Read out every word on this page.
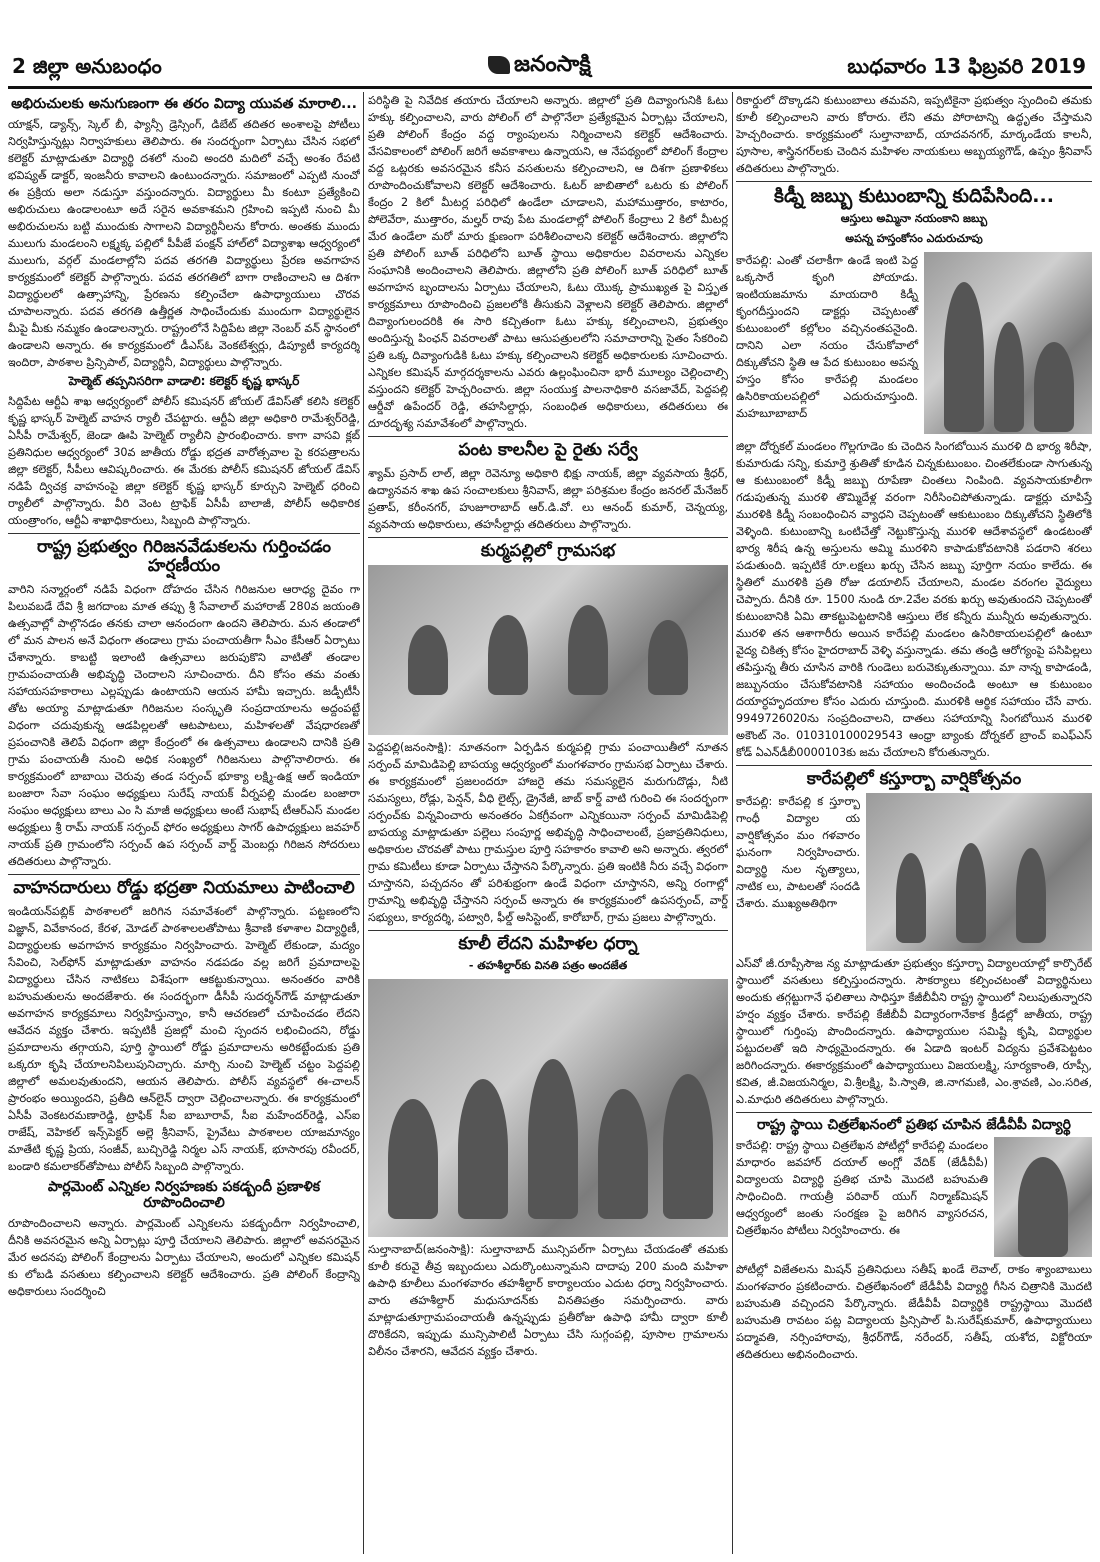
2 జిల్లా అనుబంధం	జనంసాక్షి	బుధవారం 13 ఫిబ్రవరి 2019
అభిరుచులకు అనుగుణంగా ఈ తరం విద్యా యువత మారాలి...

యాక్షన్, డ్యాన్స్, స్కెల్ బీ, ఫ్యాన్సీ డ్రెస్సింగ్, డిబేట్ తదితర అంశాలపై పోటీలు నిర్వహిస్తున్నట్లు నిర్వాహకులు తెలిపారు. ఈ సందర్భంగా ఏర్పాటు చేసిన సభలో కలెక్టర్ మాట్లాడుతూ విద్యార్థి దశలో నుంచి అందరి మదిలో వచ్చే అంశం రేపటి భవిష్యత్ డాక్టర్, ఇంజనీరు కావాలని ఉంటుందన్నారు. సమాజంలో ఎప్పటి నుంచో ఈ ప్రక్రియ అలా నడుస్తూ వస్తుందన్నారు. విద్యార్థులు మీ కంటూ ప్రత్యేకించి అభిరుచులు ఉండాలంటూ అదే సరైన అవకాశమని గ్రహించి ఇప్పటి నుంచి మీ అభిరుచులను బట్టి ముందుకు సాగాలని విద్యార్థినీలను కోరారు. అంతకు ముందు ములుగు మండలంని లక్ష్మక్క పల్లిలో పీపీజే పంక్షన్ హాల్‌లో విద్యాశాఖ ఆధ్వర్యంలో ములుగు, వర్గల్ మండలాల్లోని పదవ తరగతి విద్యార్థులు ప్రేరణ అవగాహన కార్యక్రమంలో కలెక్టర్ పాల్గొన్నారు. పదవ తరగతిలో బాగా రాణించాలని ఆ దిశగా విద్యార్థులలో ఉత్సాహాన్ని, ప్రేరణను కల్పించేలా ఉపాధ్యాయులు చొరవ చూపాలన్నారు. పదవ తరగతి ఉత్తీర్ణత సాధించేందుకు ముందుగా విద్యార్థులైన మీపై మీకు నమ్మకం ఉండాలన్నారు. రాష్ట్రంలోనే సిద్దిపేట జిల్లా నెంబర్ వన్ స్థానంలో ఉండాలని అన్నారు. ఈ కార్యక్రమంలో డీఎస్ఓ వెంకటేశ్వర్లు, డిప్యూటీ కార్యదర్శి ఇందిరా, పాఠశాల ప్రిన్సిపాల్, విద్యార్థినీ, విద్యార్థులు పాల్గొన్నారు.

హెల్మెట్ తప్పనిసరిగా వాడాలి: కలెక్టర్ కృష్ణ భాస్కర్

సిద్దిపేట ఆర్టీఏ శాఖ ఆధ్వర్యంలో పోలీస్ కమిషనర్ జోయల్ డేవిస్‌తో కలిసి కలెక్టర్ కృష్ణ భాస్కర్ హెల్మెట్ వాహన ర్యాలీ చేపట్టారు. ఆర్టీఏ జిల్లా అధికారి రామేశ్వర్‌రెడ్డి, ఏసీపీ రామేశ్వర్, జెండా ఊపి హెల్మెట్ ర్యాలీని ప్రారంభించారు. కాగా వాసవి క్లబ్ ప్రతినిధుల ఆధ్వర్యంలో 30వ జాతీయ రోడ్డు భద్రత వారోత్సవాల పై కరపత్రాలను జిల్లా కలెక్టర్, సీపీలు ఆవిష్కరించారు. ఈ మేరకు పోలీస్ కమిషనర్ జోయల్ డేవిస్ నడిపే ద్విచక్ర వాహనంపై జిల్లా కలెక్టర్ కృష్ణ భాస్కర్ కూర్చుని హెల్మెట్ ధరించి ర్యాలీలో పాల్గొన్నారు. వీరి వెంట ట్రాఫిక్ ఏసీపీ బాలాజీ, పోలీస్ అధికారిక యంత్రాంగం, ఆర్టీఏ శాఖాధికారులు, సిబ్బంది పాల్గొన్నారు.

రాష్ట్ర ప్రభుత్వం గిరిజనవేడుకలను గుర్తించడం హర్షణీయం

వారిని సన్మార్గంలో నడిపే విధంగా దోహదం చేసిన గిరిజనుల ఆరాధ్య దైవం గా పిలువబడే దేవి శ్రీ జగదాంబ మాత తప్పు శ్రీ సేవాలాల్ మహారాజ్ 280వ జయంతి ఉత్సవాల్లో పాల్గొనడం తనకు చాలా ఆనందంగా ఉందని తెలిపారు. మన తండాలో లో మన పాలన అనే విధంగా తండాలు గ్రామ పంచాయతీగా సీఎం కేసీఆర్ ఏర్పాటు చేశాన్నారు. కాబట్టి ఇలాంటి ఉత్సవాలు జరుపుకొని వాటితో తండాల గ్రామపంచాయతీ అభివృద్ధి చెందాలని సూచించారు. దీని కోసం తమ వంతు సహాయసహకారాలు ఎల్లప్పుడు ఉంటాయని ఆయన హామీ ఇచ్చారు. జడ్పీటీసీ తోట అయ్యా మాట్లాడుతూ గిరిజనుల సంస్కృతి సంప్రదాయాలను అద్దంపట్టే విధంగా చదువుకున్న ఆడపిల్లలతో ఆటపాటలు, మహిళలతో వేషధారణతో ప్రపంచానికి తెలిపే విధంగా జిల్లా కేంద్రంలో ఈ ఉత్సవాలు ఉండాలని దానికి ప్రతి గ్రామ పంచాయతీ నుంచి అధిక సంఖ్యలో గిరిజనులు పాల్గొనాలిరారు. ఈ కార్యక్రమంలో బాబాయి చెరువు తండ సర్పంచ్ భూక్యా లక్ష్మి-ఉక్ష ఆల్ ఇండియా బంజారా సేవా సంఘం అధ్యక్షులు సురేష్ నాయక్ వీర్నపల్లి మండల బంజారా సంఘం అధ్యక్షులు బాలు ఎం సి మాజీ అధ్యక్షులు అంటే సుభాష్ టీఆర్ఎస్ మండల అధ్యక్షులు శ్రీ రామ్ నాయక్ సర్పంచ్ ఫోరం అధ్యక్షులు సాగర్ ఉపాధ్యక్షులు జవహర్ నాయక్ ప్రతి గ్రామంలోని సర్పంచ్ ఉప సర్పంచ్ వార్డ్ మెంబర్లు గిరిజన సోదరులు తదితరులు పాల్గొన్నారు.

వాహనదారులు రోడ్డు భద్రతా నియమాలు పాటించాలి

ఇండియన్‌పబ్లిక్ పాఠశాలలో జరిగిన సమావేశంలో పాల్గొన్నారు. పట్టణంలోని విజ్ఞాన్, వివేకానంద, కేరళ, మోడల్ పాఠశాలలతోపాటు శ్రీవాణి కళాశాల విద్యార్థిణీ, విద్యార్థులకు అవగాహన కార్యక్రమం నిర్వహించారు. హెల్మెట్ లేకుండా, మద్యం సేవించి, సెల్‌ఫోన్ మాట్లాడుతూ వాహనం నడపడం వల్ల జరిగే ప్రమాదాలపై విద్యార్థులు చేసిన నాటికలు విశేషంగా ఆకట్టుకున్నాయి. అనంతరం వారికి బహుమతులను అందజేశారు. ఈ సందర్భంగా డీసీపీ సుదర్శన్‌గౌడ్ మాట్లాడుతూ అవగాహన కార్యక్రమాలు నిర్వహిస్తున్నాం, కానీ ఆచరణలో చూపించడం లేదని ఆవేదన వ్యక్తం చేశారు. ఇప్పటికీ ప్రజల్లో మంచి స్పందన లభించిందని, రోడ్డు ప్రమాదాలను తగ్గాయని, పూర్తి స్థాయిలో రోడ్డు ప్రమాదాలను అరికట్టేందుకు ప్రతి ఒక్కరూ కృషి చేయాలనిపిలుపునిచ్చారు. మార్చి నుంచి హెల్మెట్ చట్టం పెద్దపల్లి జిల్లాలో అమలవుతుందని, ఆయన తెలిపారు. పోలీస్ వ్యవస్థలో ఈ-చాలన్ ప్రారంభం అయ్యిందని, ప్రతీది ఆన్‌లైన్ ద్వారా చెల్లించాలన్నారు. ఈ కార్యక్రమంలో ఏసీపీ వెంకటరమణారెడ్డి, ట్రాఫిక్ సీఐ బాబూరావ్, సీఐ మహేందర్‌రెడ్డి, ఎస్ఐ రాజేష్, వెహికల్ ఇన్స్‌పెక్టర్ అల్లె శ్రీనివాస్, ప్రైవేటు పాఠశాలల యాజమాన్యం మాతేటి కృష్ణ ప్రియ, సంజీవ్, బుచ్చిరెడ్డి నిర్మల ఎస్ నాయక్, భూసారపు రవీందర్, బండారి కమలాకర్‌తోపాటు పోలీస్ సిబ్బంది పాల్గొన్నారు.

పార్లమెంట్ ఎన్నికల నిర్వహణకు పకడ్బందీ ప్రణాళిక రూపొందించాలి

రూపొందించాలని అన్నారు. పార్లమెంట్ ఎన్నికలను పకడ్బందీగా నిర్వహించాలి, దీనికి అవసరమైన అన్ని ఏర్పాట్లు పూర్తి చేయాలని తెలిపారు. జిల్లాలో అవసరమైన మేర అదనపు పోలింగ్ కేంద్రాలను ఏర్పాటు చేయాలని, అందులో ఎన్నికల కమిషన్ కు లోబడి వసతులు కల్పించాలని కలెక్టర్ ఆదేశించారు. ప్రతి పోలింగ్ కేంద్రాన్ని అధికారులు సందర్శించి

పరిస్థితి పై నివేదిక తయారు చేయాలని అన్నారు. జిల్లాలో ప్రతి దివ్యాంగునికి ఓటు హక్కు కల్పించాలని, వారు పోలింగ్ లో పాల్గొనేలా ప్రత్యేకమైన ఏర్పాట్లు చేయాలని, ప్రతి పోలింగ్ కేంద్రం వద్ద ర్యాంపులను నిర్మించాలని కలెక్టర్ ఆదేశించారు. వేసవికాలంలో పోలింగ్ జరిగే అవకాశాలు ఉన్నాయని, ఆ నేపథ్యంలో పోలింగ్ కేంద్రాల వద్ద ఒట్లరకు అవసరమైన కనీస వసతులను కల్పించాలని, ఆ దిశగా ప్రణాళికలు రూపొందించుకోవాలని కలెక్టర్ ఆదేశించారు. ఓటర్ జాబితాలో ఒటరు కు పోలింగ్ కేంద్రం 2 కిలో మీటర్ల పరిధిలో ఉండేలా చూడాలని, మహాముత్తారం, కాటారం, పోలెవేరా, ముత్తారం, మల్హర్ రావు పేట మండలాల్లో పోలింగ్ కేంద్రాలు 2 కిలో మీటర్ల మేర ఉండేలా మరో మారు క్షుణంగా పరిశీలించాలని కలెక్టర్ ఆదేశించారు. జిల్లాలోని ప్రతి పోలింగ్ బూత్ పరిధిలోని బూత్ స్థాయి అధికారుల వివరాలను ఎన్నికల సంఘానికి అందించాలని తెలిపారు. జిల్లాలోని ప్రతి పోలింగ్ బూత్ పరిధిలో బూత్ అవగాహన బృందాలను ఏర్పాటు చేయాలని, ఓటు యొక్క ప్రాముఖ్యత పై విస్తృత కార్యక్రమాలు రూపొందించి ప్రజలలోకి తీసుకుని వెళ్లాలని కలెక్టర్ తెలిపారు. జిల్లాలో దివ్యాంగులందరికి ఈ సారి కచ్చితంగా ఓటు హక్కు కల్పించాలని, ప్రభుత్వం అందిస్తున్న పింఛన్ వివరాలతో పాటు ఆసుపత్రులలోని సమాచారాన్ని సైతం సేకరించి ప్రతి ఒక్క దివ్యాంగుడికి ఓటు హక్కు కల్పించాలని కలెక్టర్ అధికారులకు సూచించారు. ఎన్నికల కమిషన్ మార్గదర్శకాలను ఎవరు ఉల్లంఘించినా భారీ మూల్యం చెల్లించాల్సి వస్తుందని కలెక్టర్ హెచ్చరించారు. జిల్లా సంయుక్త పాలనాధికారి వసజావేద్, పెద్దపల్లి ఆర్డీవో ఉపేందర్ రెడ్డి, తహసిల్దార్లు, సంబంధిత అధికారులు, తదితరులు ఈ దూరదృశ్య సమావేశంలో పాల్గొన్నారు.

పంట కాలనీల పై రైతు సర్వే

శ్యామ్ ప్రసాద్ లాల్, జిల్లా రెవెన్యూ అధికారి భిక్షు నాయక్, జిల్లా వ్యవసాయ శ్రీధర్, ఉద్యానవన శాఖ ఉప సంచాలకులు శ్రీనివాస్, జిల్లా పరిశ్రమల కేంద్రం జనరల్ మేనేజర్ ప్రతాప్, కరీంనగర్, హుజూరాబాద్ ఆర్.డి.వో. లు ఆనంద్ కుమార్, చెన్నయ్య, వ్యవసాయ అధికారులు, తహసీల్దార్లు తదితరులు పాల్గొన్నారు.

కుర్మపల్లిలో గ్రామసభ

పెద్దపల్లి(జనంసాక్షి): నూతనంగా ఏర్పడిన కుర్మపల్లి గ్రామ పంచాయితీలో నూతన సర్పంచ్ మామిడిపెల్లి బాపయ్య ఆధ్వర్యంలో మంగళవారం గ్రామసభ ఏర్పాటు చేశారు. ఈ కార్యక్రమంలో ప్రజలందరూ హాజరై తమ సమస్యలైన మరుగుదొడ్లు, నీటి సమస్యలు, రోడ్లు, పెన్షన్, వీధి లైట్స్, డ్రైనేజీ, జాబ్ కార్డ్ వాటి గురించి ఈ సందర్భంగా సర్పంచ్‌కు విన్నవించారు అనంతరం ఏకగ్రీవంగా ఎన్నికయినా సర్పంచ్ మామిడిపెల్లి బాపయ్య మాట్లాడుతూ పల్లెలు సంపూర్ణ అభివృద్ధి సాధించాలంటే, ప్రజాప్రతినిధులు, అధికారుల చొరవతో పాటు గ్రామస్తుల పూర్తి సహకారం కావాలి అని అన్నారు. త్వరలో గ్రామ కమిటీలు కూడా ఏర్పాటు చేస్తానని పేర్కొన్నారు. ప్రతి ఇంటికి నీరు వచ్చే విధంగా చూస్తానని, పచ్చదనం తో పరిశుభ్రంగా ఉండే విధంగా చూస్తానని, అన్ని రంగాల్లో గ్రామాన్ని అభివృద్ధి చేస్తానని సర్పంచ్ అన్నారు ఈ కార్యక్రమంలో ఉపసర్పంచ్, వార్డ్ సభ్యులు, కార్యదర్శి, పట్వారి, ఫీల్డ్ అసిస్టెంట్, కారోబార్, గ్రామ ప్రజలు పాల్గొన్నారు.

కూలీ లేదని మహిళల ధర్నా
- తహశీల్దార్‌కు వినతి పత్రం అందజేత

సుల్తానాబాద్(జనంసాక్షి): సుల్తానాబాద్ మున్సిపల్‌గా ఏర్పాటు చేయడంతో తమకు కూలీ కరువై తీవ్ర ఇబ్బందులు ఎదుర్కొంటున్నామని దాదాపు 200 మంది మహిళా ఉపాధి కూలీలు మంగళవారం తహశీల్దార్ కార్యాలయం ఎదుట ధర్నా నిర్వహించారు. వారు తహశీల్దార్ మధుసూదన్‌కు వినతిపత్రం సమర్పించారు. వారు మాట్లాడుతూగ్రామపంచాయతీ ఉన్నప్పుడు ప్రతీరోజు ఉపాధి హామీ ద్వారా కూలీ దొరికేదని, ఇప్పుడు మున్సిపాలిటీ ఏర్పాటు చేసి సుగ్గంపల్లి, పూసాల గ్రామాలను విలీనం చేశారని, ఆవేదన వ్యక్తం చేశారు.

రికార్డులో దొక్కాడని కుటుంబాలు తమవని, ఇప్పటికైనా ప్రభుత్వం స్పందించి తమకు కూలీ కల్పించాలని వారు కోరారు. లేని తమ పోరాటాన్ని ఉద్ధృతం చేస్తామని హెచ్చరించారు. కార్యక్రమంలో సుల్తానాబాద్, యాదవనగర్, మార్కండేయ కాలనీ, పూసాల, శాస్త్రినగర్‌లకు చెందిన మహిళల నాయకులు అబ్బయ్యగౌడ్, ఉప్పం శ్రీనివాస్ తదితరులు పాల్గొన్నారు.

కిడ్నీ జబ్బు కుటుంబాన్ని కుదిపేసింది...
ఆస్తులు అమ్మినా నయంకాని జబ్బు
అపన్న హస్తంకోసం ఎదురుచూపు

కారేపల్లి: ఎంతో చలాకీగా ఉండే ఇంటి పెద్ద ఒక్కసారే కృంగి పోయాడు. ఇంటియజమాను మాయదారి కిడ్నీ కృంగదీస్తుందని డాక్టర్లు చెప్పటంతో కుటుంబంలో కల్లోలం వచ్చినంతపనైంది. దానిని ఎలా నయం చేసుకోవాలో దిక్కుతోచని స్థితి ఆ పేద కుటుంబం అపన్న హస్తం కోసం కారేపల్లి మండలం ఉసిరికాయలపల్లిలో ఎదురుచూస్తుంది. మహబూబాబాద్

జిల్లా దోర్నకల్ మండలం గొల్లగూడెం కు చెందిన సింగబోయిన మురళి ది భార్య శిరీషా, కుమారుడు సన్ని, కుమార్తె శ్రుతితో కూడిన చిన్నకుటుంబం. చింతలేకుండా సాగుతున్న ఆ కుటుంబంలో కిడ్నీ జబ్బు రూపేణా చింతలు నింపింది. వ్యవసాయకూలీగా గడుపుతున్న మురళి తొమ్మిదేళ్ల వరంగా నిరీసించిపోతున్నాడు. డాక్టర్లు చూపిస్తే మురళికి కిడ్నీ సంబంధించిన వ్యాధని చెప్పటంతో ఆకుటుంబం దిక్కుతోచని స్థితిలోకి వెళ్ళింది. కుటుంబాన్ని ఒంటిచేత్తో నెట్టుకొస్తున్న మురళి ఆదేశావస్థలో ఉండటంతో భార్య శిరీష ఉన్న అస్తులను అమ్మి మురళిని కాపాడుకోవటానికి పడరాని శరలు పడుతుంది. ఇప్పటికే రూ.లక్షలు ఖర్చు చేసిన జబ్బు పూర్తిగా నయం కాలేదు. ఈ స్థితిలో మురళికి ప్రతి రోజు డయాలిస్ చేయాలని, మండల వరంగల వైద్యులు చెప్పారు. దీనికి రూ. 1500 నుండి రూ.2వేల వరకు ఖర్చు అవుతుందని చెప్పటంతో కుటుంబానికి ఏమి తాకట్టుపెట్టటానికి ఆస్తులు లేక కన్నీరు మున్నీరు అవుతున్నారు. మురళి తన ఆశాగారీరు అయిన కారేపల్లి మండలం ఉసిరికాయలపల్లిలో ఉంటూ వైద్య చికిత్స కోసం హైదరాబాద్ వెళ్ళి వస్తున్నాడు. తమ తండ్రి ఆరోగ్యంపై పసిపిల్లలు తపిస్తున్న తీరు చూసిన వారికి గుండెలు బరువెక్కుతున్నాయి. మా నాన్న కాపాడండి, జబ్బునయం చేసుకోవటానికి సహాయం అందించండి అంటూ ఆ కుటుంబం దయార్ధహృదయాల కోసం ఎదురు చూస్తుంది. మురళికి ఆర్థిక సహాయం చేసే వారు. 9949726020ను సంప్రదించాలని, దాతలు సహాయాన్ని సింగబోయిన మురళి అకౌంట్ నెం. 010310100029543 ఆంధ్రా బ్యాంకు దోర్నకల్ బ్రాంచ్ ఐఎఫ్‌ఎస్ కోడ్ ఏఎన్‌డీబీ0000103కు జమ చేయాలని కోరుతున్నారు.

కారేపల్లిలో కస్తూర్బా వార్షికోత్సవం

కారేపల్లి: కారేపల్లి క స్తూర్బా గాంధీ విద్యాల య వార్షికోత్సవం మం గళవారం ఘనంగా నిర్వహించారు. విద్యార్థి నుల నృత్యాలు, నాటిక లు, పాటలతో సందడి చేశారు. ముఖ్యఅతిథిగా

ఎస్‌వో జీ.రూప్సీసౌజ న్య మాట్లాడుతూ ప్రభుత్వం కస్తూర్బా విద్యాలయాల్లో కార్పొరేట్ స్థాయిలో వసతులు కల్పిస్తుందన్నారు. సౌకర్యాలు కల్పించటంతో విద్యార్థినులు అందుకు తగ్గట్టుగానే ఫలితాలు సాధిస్తూ కేజీబీవీని రాష్ట్ర స్థాయిలో నిలుపుతున్నారని హర్షం వ్యక్తం చేశారు. కారేపల్లి కేజీబీవీ విద్యారంగానేకాక క్రీడల్లో జాతీయ, రాష్ట్ర స్థాయిలో గుర్తింపు పొందిందన్నారు. ఉపాధ్యాయుల సమిష్టి కృషి, విద్యార్థుల పట్టుదలతో ఇది సాధ్యమైందన్నారు. ఈ ఏడాది ఇంటర్ విద్యను ప్రవేశపెట్టటం జరిగిందన్నారు. ఈకార్యక్రమంలో ఉపాధ్యాయులు విజయలక్ష్మి, సూర్యకాంతి, రూప్సీ, కవిత, జీ.విజయనిర్మల, వి.శ్రీలక్ష్మి, పి.స్వాతి, జి.నాగమణి, ఎం.శ్రావణి, ఎం.సరిత, ఎ.మాధురి తదితరులు పాల్గొన్నారు.

రాష్ట్ర స్థాయి చిత్రలేఖనంలో ప్రతిభ చూపిన జేడీవీపీ విద్యార్థి

కారేపల్లి: రాష్ట్ర స్థాయి చిత్రలేఖన పోటీల్లో కారేపల్లి మండలం మాధారం జవహార్ దయాల్ అంగ్లో వేదిక్ (జేడీవీపీ) విద్యాలయ విద్యార్థి ప్రతిభ చూపి మొదటి బహుమతి సాధించింది. గాయత్రీ పరివార్ యుగ్ నిర్మాణ్‌మిషన్ ఆధ్వర్యంలో జంతు సంరక్షణ పై జరిగిన వ్యాసరచన, చిత్రలేఖనం పోటీలు నిర్వహించారు. ఈ

పోటీల్లో విజేతలను మిషన్ ప్రతినిధులు సతీష్ ఖండే లెవాల్, రాకం శ్యాంబాబులు మంగళవారం ప్రకటించారు. చిత్రలేఖనంలో జేడీవీపీ విద్యార్థి గీసిన చిత్రానికి మొదటి బహుమతి వచ్చిందని పేర్కొన్నారు. జేడీవీపీ విద్యార్థికి రాష్ట్రస్థాయి మొదటి బహుమతి రావటం పట్ల విద్యాలయ ప్రిన్సిపాల్ పి.సురేష్‌కుమార్, ఉపాధ్యాయులు పద్మావతి, నర్సింహారావు, శ్రీధర్‌గౌడ్, నరేందర్, సతీష్, యశోద, విక్టోరియా తదితరులు అభినందించారు.
